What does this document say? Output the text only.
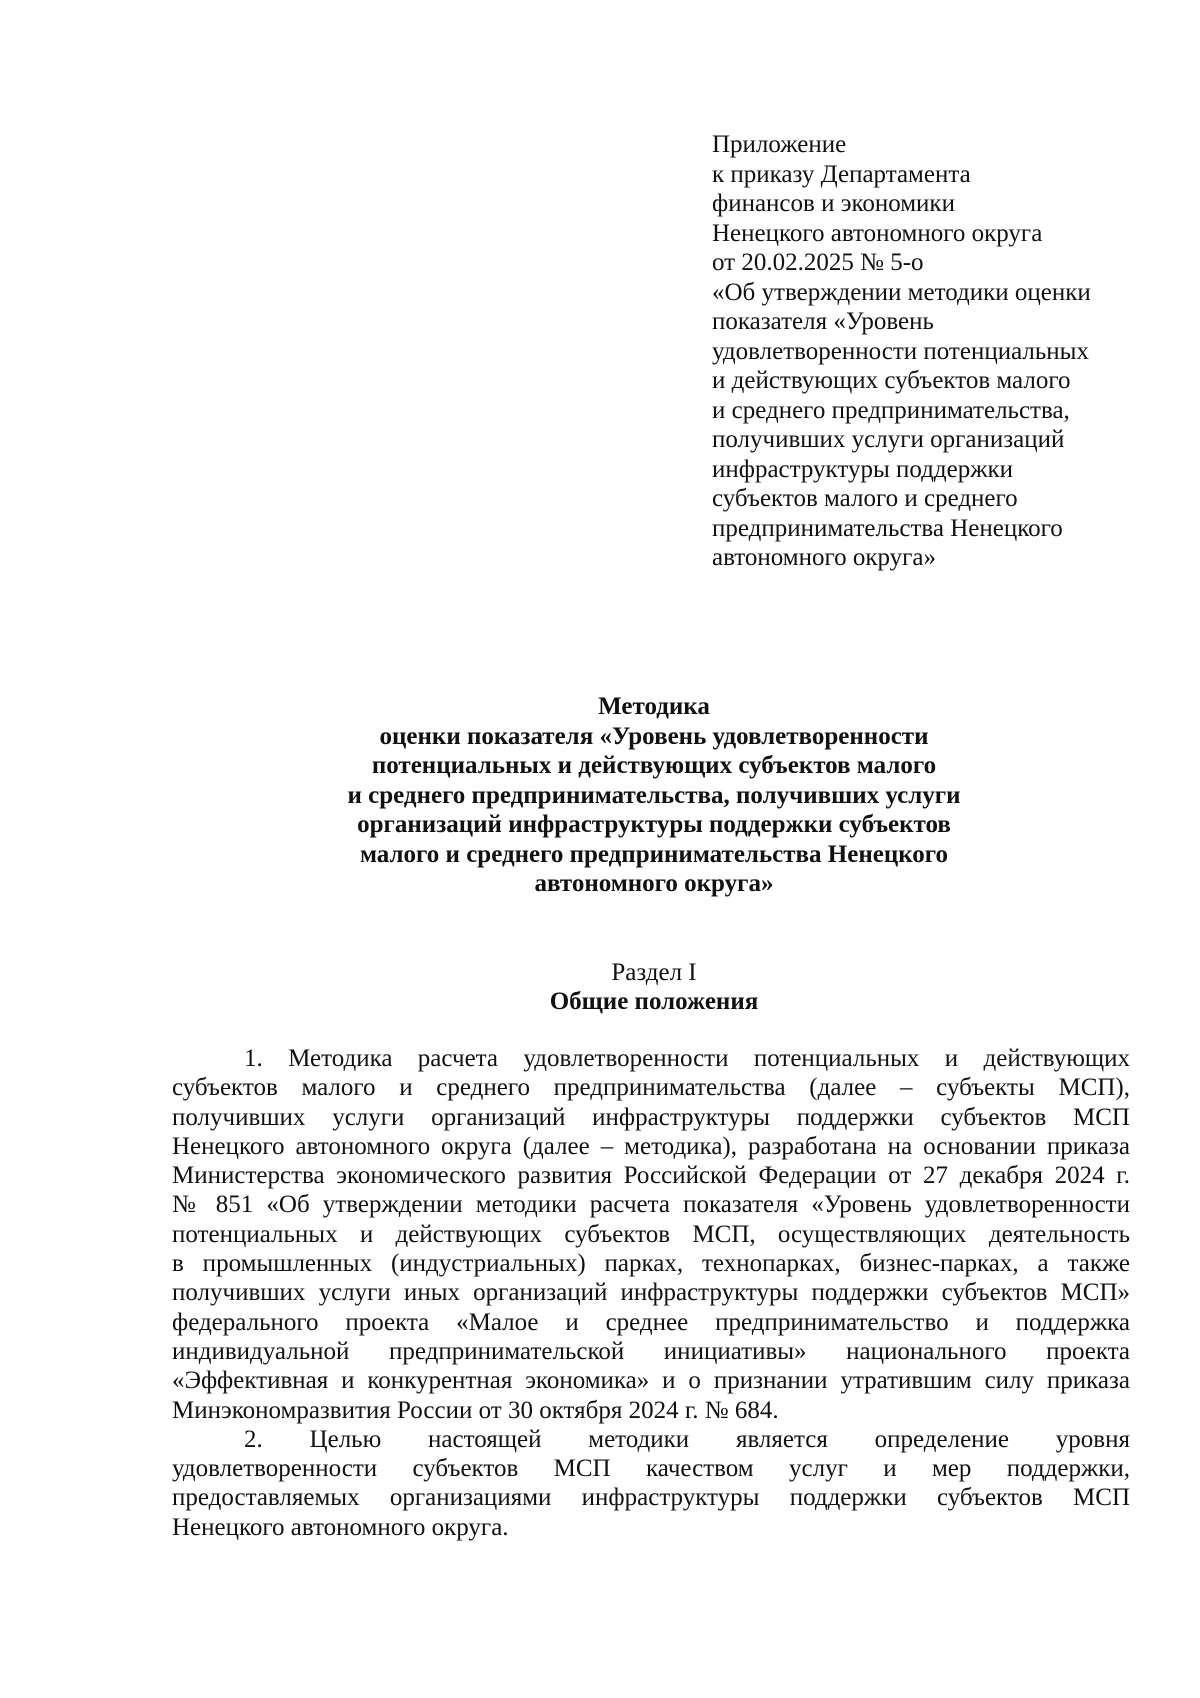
Приложение
к приказу Департамента
финансов и экономики
Ненецкого автономного округа
от 20.02.2025 № 5-о
«Об утверждении методики оценки
показателя «Уровень
удовлетворенности потенциальных
и действующих субъектов малого
и среднего предпринимательства,
получивших услуги организаций
инфраструктуры поддержки
субъектов малого и среднего
предпринимательства Ненецкого
автономного округа»
Методика
оценки показателя «Уровень удовлетворенности
потенциальных и действующих субъектов малого
и среднего предпринимательства, получивших услуги
организаций инфраструктуры поддержки субъектов
малого и среднего предпринимательства Ненецкого
автономного округа»
Раздел I
Общие положения
1. Методика расчета удовлетворенности потенциальных и действующих
субъектов малого и среднего предпринимательства (далее – субъекты МСП),
получивших услуги организаций инфраструктуры поддержки субъектов МСП
Ненецкого автономного округа (далее – методика), разработана на основании приказа
Министерства экономического развития Российской Федерации от 27 декабря 2024 г.
№ 851 «Об утверждении методики расчета показателя «Уровень удовлетворенности
потенциальных и действующих субъектов МСП, осуществляющих деятельность
в промышленных (индустриальных) парках, технопарках, бизнес-парках, а также
получивших услуги иных организаций инфраструктуры поддержки субъектов МСП»
федерального проекта «Малое и среднее предпринимательство и поддержка
индивидуальной предпринимательской инициативы» национального проекта
«Эффективная и конкурентная экономика» и о признании утратившим силу приказа
Минэкономразвития России от 30 октября 2024 г. № 684.
2. Целью настоящей методики является определение уровня
удовлетворенности субъектов МСП качеством услуг и мер поддержки,
предоставляемых организациями инфраструктуры поддержки субъектов МСП
Ненецкого автономного округа.
